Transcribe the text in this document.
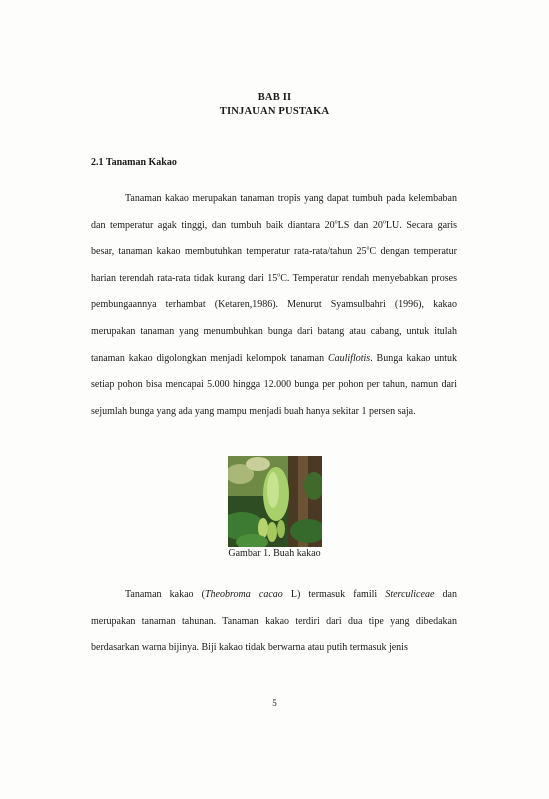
BAB II
TINJAUAN PUSTAKA
2.1 Tanaman Kakao

Tanaman kakao merupakan tanaman tropis yang dapat tumbuh pada kelembaban dan temperatur agak tinggi, dan tumbuh baik diantara 20$^o$LS dan 20$^o$LU. Secara garis besar, tanaman kakao membutuhkan temperatur rata-rata/tahun 25$^o$C dengan temperatur harian terendah rata-rata tidak kurang dari 15$^o$C. Temperatur rendah menyebabkan proses pembungaannya terhambat (Ketaren,1986). Menurut Syamsulbahri (1996), kakao merupakan tanaman yang menumbuhkan bunga dari batang atau cabang, untuk itulah tanaman kakao digolongkan menjadi kelompok tanaman Cauliflotis. Bunga kakao untuk setiap pohon bisa mencapai 5.000 hingga 12.000 bunga per pohon per tahun, namun dari sejumlah bunga yang ada yang mampu menjadi buah hanya sekitar 1 persen saja.

Gambar 1. Buah kakao

Tanaman kakao (Theobroma cacao L) termasuk famili Sterculiceae dan merupakan tanaman tahunan. Tanaman kakao terdiri dari dua tipe yang dibedakan berdasarkan warna bijinya. Biji kakao tidak berwarna atau putih termasuk jenis

5
